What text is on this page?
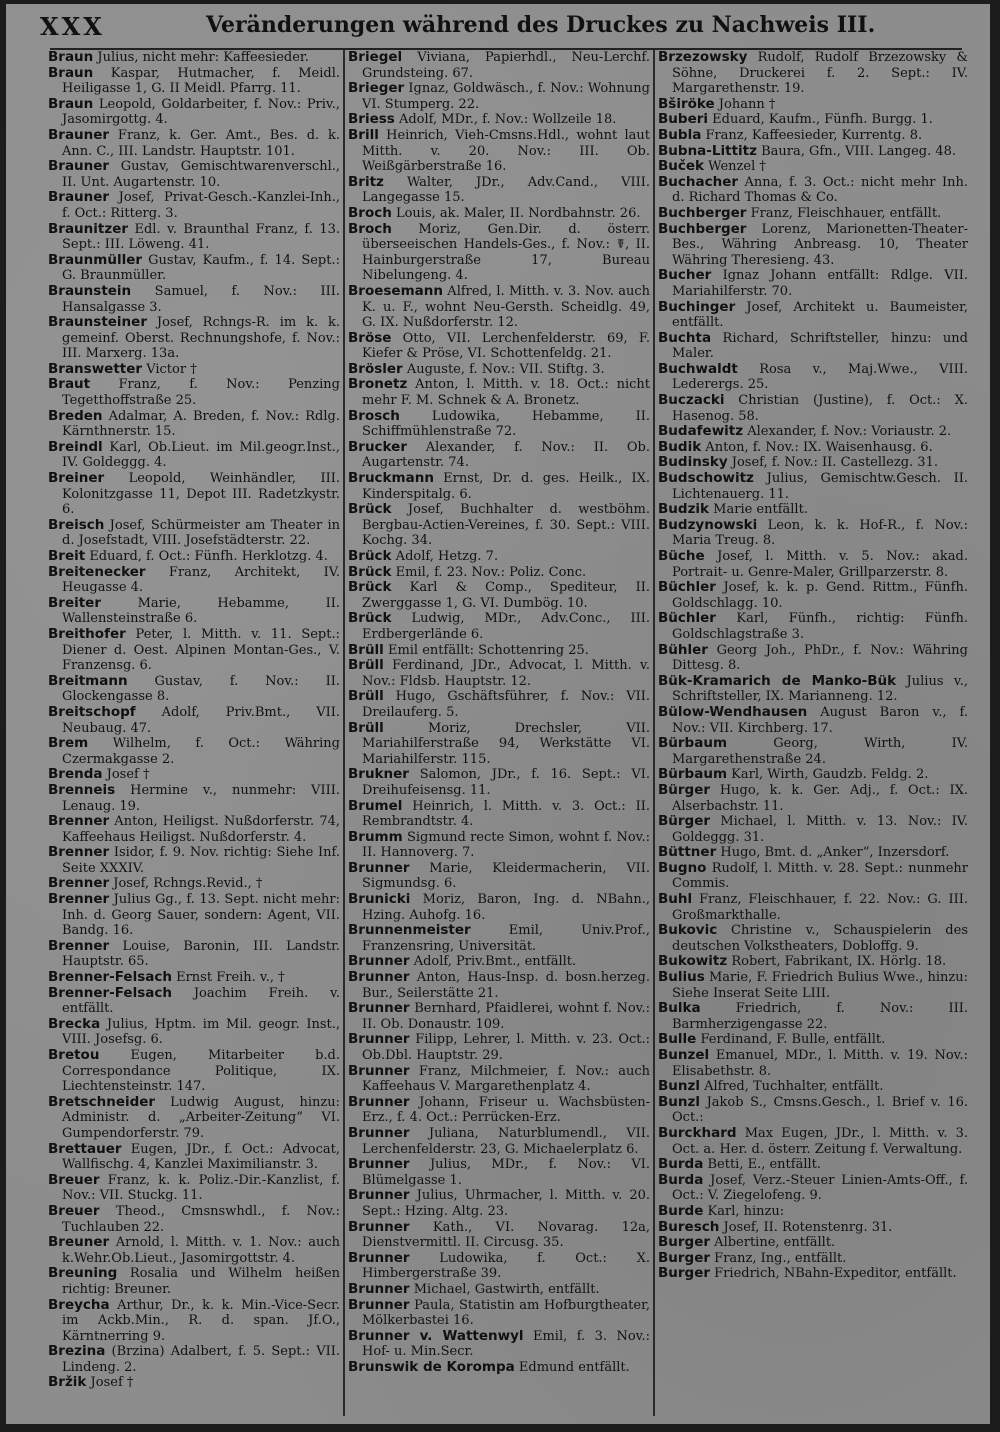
XXX	Veränderungen während des Druckes zu Nachweis III.

Braun Julius, nicht mehr: Kaffeesieder.

Braun Kaspar, Hutmacher, f. Meidl. Heiligasse 1, G. II Meidl. Pfarrg. 11.

Braun Leopold, Goldarbeiter, f. Nov.: Priv., Jasomirgottg. 4.

Brauner Franz, k. Ger. Amt., Bes. d. k. Ann. C., III. Landstr. Hauptstr. 101.

Brauner Gustav, Gemischtwarenverschl., II. Unt. Augartenstr. 10.

Brauner Josef, Privat-Gesch.-Kanzlei-Inh., f. Oct.: Ritterg. 3.

Braunitzer Edl. v. Braunthal Franz, f. 13. Sept.: III. Löweng. 41.

Braunmüller Gustav, Kaufm., f. 14. Sept.: G. Braunmüller.

Braunstein Samuel, f. Nov.: III. Hansalgasse 3.

Braunsteiner Josef, Rchngs-R. im k. k. gemeinf. Oberst. Rechnungshofe, f. Nov.: III. Marxerg. 13a.

Branswetter Victor †

Braut Franz, f. Nov.: Penzing Tegetthoffstraße 25.

Breden Adalmar, A. Breden, f. Nov.: Rdlg. Kärnthnerstr. 15.

Breindl Karl, Ob.Lieut. im Mil.geogr.Inst., IV. Goldeggg. 4.

Breiner Leopold, Weinhändler, III. Kolonitzgasse 11, Depot III. Radetzkystr. 6.

Breisch Josef, Schürmeister am Theater in d. Josefstadt, VIII. Josefstädterstr. 22.

Breit Eduard, f. Oct.: Fünfh. Herklotzg. 4.

Breitenecker Franz, Architekt, IV. Heugasse 4.

Breiter Marie, Hebamme, II. Wallensteinstraße 6.

Breithofer Peter, l. Mitth. v. 11. Sept.: Diener d. Oest. Alpinen Montan-Ges., V. Franzensg. 6.

Breitmann Gustav, f. Nov.: II. Glockengasse 8.

Breitschopf Adolf, Priv.Bmt., VII. Neubaug. 47.

Brem Wilhelm, f. Oct.: Währing Czermakgasse 2.

Brenda Josef †

Brenneis Hermine v., nunmehr: VIII. Lenaug. 19.

Brenner Anton, Heiligst. Nußdorferstr. 74, Kaffeehaus Heiligst. Nußdorferstr. 4.

Brenner Isidor, f. 9. Nov. richtig: Siehe Inf. Seite XXXIV.

Brenner Josef, Rchngs.Revid., †

Brenner Julius Gg., f. 13. Sept. nicht mehr: Inh. d. Georg Sauer, sondern: Agent, VII. Bandg. 16.

Brenner Louise, Baronin, III. Landstr. Hauptstr. 65.

Brenner-Felsach Ernst Freih. v., †

Brenner-Felsach Joachim Freih. v. entfällt.

Brecka Julius, Hptm. im Mil. geogr. Inst., VIII. Josefsg. 6.

Bretou Eugen, Mitarbeiter b.d. Correspondance Politique, IX. Liechtensteinstr. 147.

Bretschneider Ludwig August, hinzu: Administr. d. „Arbeiter-Zeitung“ VI. Gumpendorferstr. 79.

Brettauer Eugen, JDr., f. Oct.: Advocat, Wallfischg. 4, Kanzlei Maximilianstr. 3.

Breuer Franz, k. k. Poliz.-Dir.-Kanzlist, f. Nov.: VII. Stuckg. 11.

Breuer Theod., Cmsnswhdl., f. Nov.: Tuchlauben 22.

Breuner Arnold, l. Mitth. v. 1. Nov.: auch k.Wehr.Ob.Lieut., Jasomirgottstr. 4.

Breuning Rosalia und Wilhelm heißen richtig: Breuner.

Breycha Arthur, Dr., k. k. Min.-Vice-Secr. im Ackb.Min., R. d. span. Jf.O., Kärntnerring 9.

Brezina (Brzina) Adalbert, f. 5. Sept.: VII. Lindeng. 2.

Bržik Josef †

Briegel Viviana, Papierhdl., Neu-Lerchf. Grundsteing. 67.

Brieger Ignaz, Goldwäsch., f. Nov.: Wohnung VI. Stumperg. 22.

Briess Adolf, MDr., f. Nov.: Wollzeile 18.

Brill Heinrich, Vieh-Cmsns.Hdl., wohnt laut Mitth. v. 20. Nov.: III. Ob. Weißgärberstraße 16.

Britz Walter, JDr., Adv.Cand., VIII. Langegasse 15.

Broch Louis, ak. Maler, II. Nordbahnstr. 26.

Broch Moriz, Gen.Dir. d. österr. überseeischen Handels-Ges., f. Nov.: ☤, II. Hainburgerstraße 17, Bureau Nibelungeng. 4.

Broesemann Alfred, l. Mitth. v. 3. Nov. auch K. u. F., wohnt Neu-Gersth. Scheidlg. 49, G. IX. Nußdorferstr. 12.

Bröse Otto, VII. Lerchenfelderstr. 69, F. Kiefer & Pröse, VI. Schottenfeldg. 21.

Brösler Auguste, f. Nov.: VII. Stiftg. 3.

Bronetz Anton, l. Mitth. v. 18. Oct.: nicht mehr F. M. Schnek & A. Bronetz.

Brosch Ludowika, Hebamme, II. Schiffmühlenstraße 72.

Brucker Alexander, f. Nov.: II. Ob. Augartenstr. 74.

Bruckmann Ernst, Dr. d. ges. Heilk., IX. Kinderspitalg. 6.

Brück Josef, Buchhalter d. westböhm. Bergbau-Actien-Vereines, f. 30. Sept.: VIII. Kochg. 34.

Brück Adolf, Hetzg. 7.

Brück Emil, f. 23. Nov.: Poliz. Conc.

Brück Karl & Comp., Spediteur, II. Zwerggasse 1, G. VI. Dumbög. 10.

Brück Ludwig, MDr., Adv.Conc., III. Erdbergerlände 6.

Brüll Emil entfällt: Schottenring 25.

Brüll Ferdinand, JDr., Advocat, l. Mitth. v. Nov.: Fldsb. Hauptstr. 12.

Brüll Hugo, Gschäftsführer, f. Nov.: VII. Dreilauferg. 5.

Brüll Moriz, Drechsler, VII. Mariahilferstraße 94, Werkstätte VI. Mariahilferstr. 115.

Brukner Salomon, JDr., f. 16. Sept.: VI. Dreihufeisensg. 11.

Brumel Heinrich, l. Mitth. v. 3. Oct.: II. Rembrandtstr. 4.

Brumm Sigmund recte Simon, wohnt f. Nov.: II. Hannoverg. 7.

Brunner Marie, Kleidermacherin, VII. Sigmundsg. 6.

Brunicki Moriz, Baron, Ing. d. NBahn., Hzing. Auhofg. 16.

Brunnenmeister Emil, Univ.Prof., Franzensring, Universität.

Brunner Adolf, Priv.Bmt., entfällt.

Brunner Anton, Haus-Insp. d. bosn.herzeg. Bur., Seilerstätte 21.

Brunner Bernhard, Pfaidlerei, wohnt f. Nov.: II. Ob. Donaustr. 109.

Brunner Filipp, Lehrer, l. Mitth. v. 23. Oct.: Ob.Dbl. Hauptstr. 29.

Brunner Franz, Milchmeier, f. Nov.: auch Kaffeehaus V. Margarethenplatz 4.

Brunner Johann, Friseur u. Wachsbüsten-Erz., f. 4. Oct.: Perrücken-Erz.

Brunner Juliana, Naturblumendl., VII. Lerchenfelderstr. 23, G. Michaelerplatz 6.

Brunner Julius, MDr., f. Nov.: VI. Blümelgasse 1.

Brunner Julius, Uhrmacher, l. Mitth. v. 20. Sept.: Hzing. Altg. 23.

Brunner Kath., VI. Novarag. 12a, Dienstvermittl. II. Circusg. 35.

Brunner Ludowika, f. Oct.: X. Himbergerstraße 39.

Brunner Michael, Gastwirth, entfällt.

Brunner Paula, Statistin am Hofburgtheater, Mölkerbastei 16.

Brunner v. Wattenwyl Emil, f. 3. Nov.: Hof- u. Min.Secr.

Brunswik de Korompa Edmund entfällt.

Brzezowsky Rudolf, Rudolf Brzezowsky & Söhne, Druckerei f. 2. Sept.: IV. Margarethenstr. 19.

Bširöke Johann †

Buberi Eduard, Kaufm., Fünfh. Burgg. 1.

Bubla Franz, Kaffeesieder, Kurrentg. 8.

Bubna-Littitz Baura, Gfn., VIII. Langeg. 48.

Buček Wenzel †

Buchacher Anna, f. 3. Oct.: nicht mehr Inh. d. Richard Thomas & Co.

Buchberger Franz, Fleischhauer, entfällt.

Buchberger Lorenz, Marionetten-Theater-Bes., Währing Anbreasg. 10, Theater Währing Theresieng. 43.

Bucher Ignaz Johann entfällt: Rdlge. VII. Mariahilferstr. 70.

Buchinger Josef, Architekt u. Baumeister, entfällt.

Buchta Richard, Schriftsteller, hinzu: und Maler.

Buchwaldt Rosa v., Maj.Wwe., VIII. Lederergs. 25.

Buczacki Christian (Justine), f. Oct.: X. Hasenog. 58.

Budafewitz Alexander, f. Nov.: Voriaustr. 2.

Budik Anton, f. Nov.: IX. Waisenhausg. 6.

Budinsky Josef, f. Nov.: II. Castellezg. 31.

Budschowitz Julius, Gemischtw.Gesch. II. Lichtenauerg. 11.

Budzik Marie entfällt.

Budzynowski Leon, k. k. Hof-R., f. Nov.: Maria Treug. 8.

Büche Josef, l. Mitth. v. 5. Nov.: akad. Portrait- u. Genre-Maler, Grillparzerstr. 8.

Büchler Josef, k. k. p. Gend. Rittm., Fünfh. Goldschlagg. 10.

Büchler Karl, Fünfh., richtig: Fünfh. Goldschlagstraße 3.

Bühler Georg Joh., PhDr., f. Nov.: Währing Dittesg. 8.

Bük-Kramarich de Manko-Bük Julius v., Schriftsteller, IX. Marianneng. 12.

Bülow-Wendhausen August Baron v., f. Nov.: VII. Kirchberg. 17.

Bürbaum Georg, Wirth, IV. Margarethenstraße 24.

Bürbaum Karl, Wirth, Gaudzb. Feldg. 2.

Bürger Hugo, k. k. Ger. Adj., f. Oct.: IX. Alserbachstr. 11.

Bürger Michael, l. Mitth. v. 13. Nov.: IV. Goldeggg. 31.

Büttner Hugo, Bmt. d. „Anker“, Inzersdorf.

Bugno Rudolf, l. Mitth. v. 28. Sept.: nunmehr Commis.

Buhl Franz, Fleischhauer, f. 22. Nov.: G. III. Großmarkthalle.

Bukovic Christine v., Schauspielerin des deutschen Volkstheaters, Dobloffg. 9.

Bukowitz Robert, Fabrikant, IX. Hörlg. 18.

Bulius Marie, F. Friedrich Bulius Wwe., hinzu: Siehe Inserat Seite LIII.

Bulka Friedrich, f. Nov.: III. Barmherzigengasse 22.

Bulle Ferdinand, F. Bulle, entfällt.

Bunzel Emanuel, MDr., l. Mitth. v. 19. Nov.: Elisabethstr. 8.

Bunzl Alfred, Tuchhalter, entfällt.

Bunzl Jakob S., Cmsns.Gesch., l. Brief v. 16. Oct.:

Burckhard Max Eugen, JDr., l. Mitth. v. 3. Oct. a. Her. d. österr. Zeitung f. Verwaltung.

Burda Betti, E., entfällt.

Burda Josef, Verz.-Steuer Linien-Amts-Off., f. Oct.: V. Ziegelofeng. 9.

Burde Karl, hinzu:

Buresch Josef, II. Rotenstenrg. 31.

Burger Albertine, entfällt.

Burger Franz, Ing., entfällt.

Burger Friedrich, NBahn-Expeditor, entfällt.
